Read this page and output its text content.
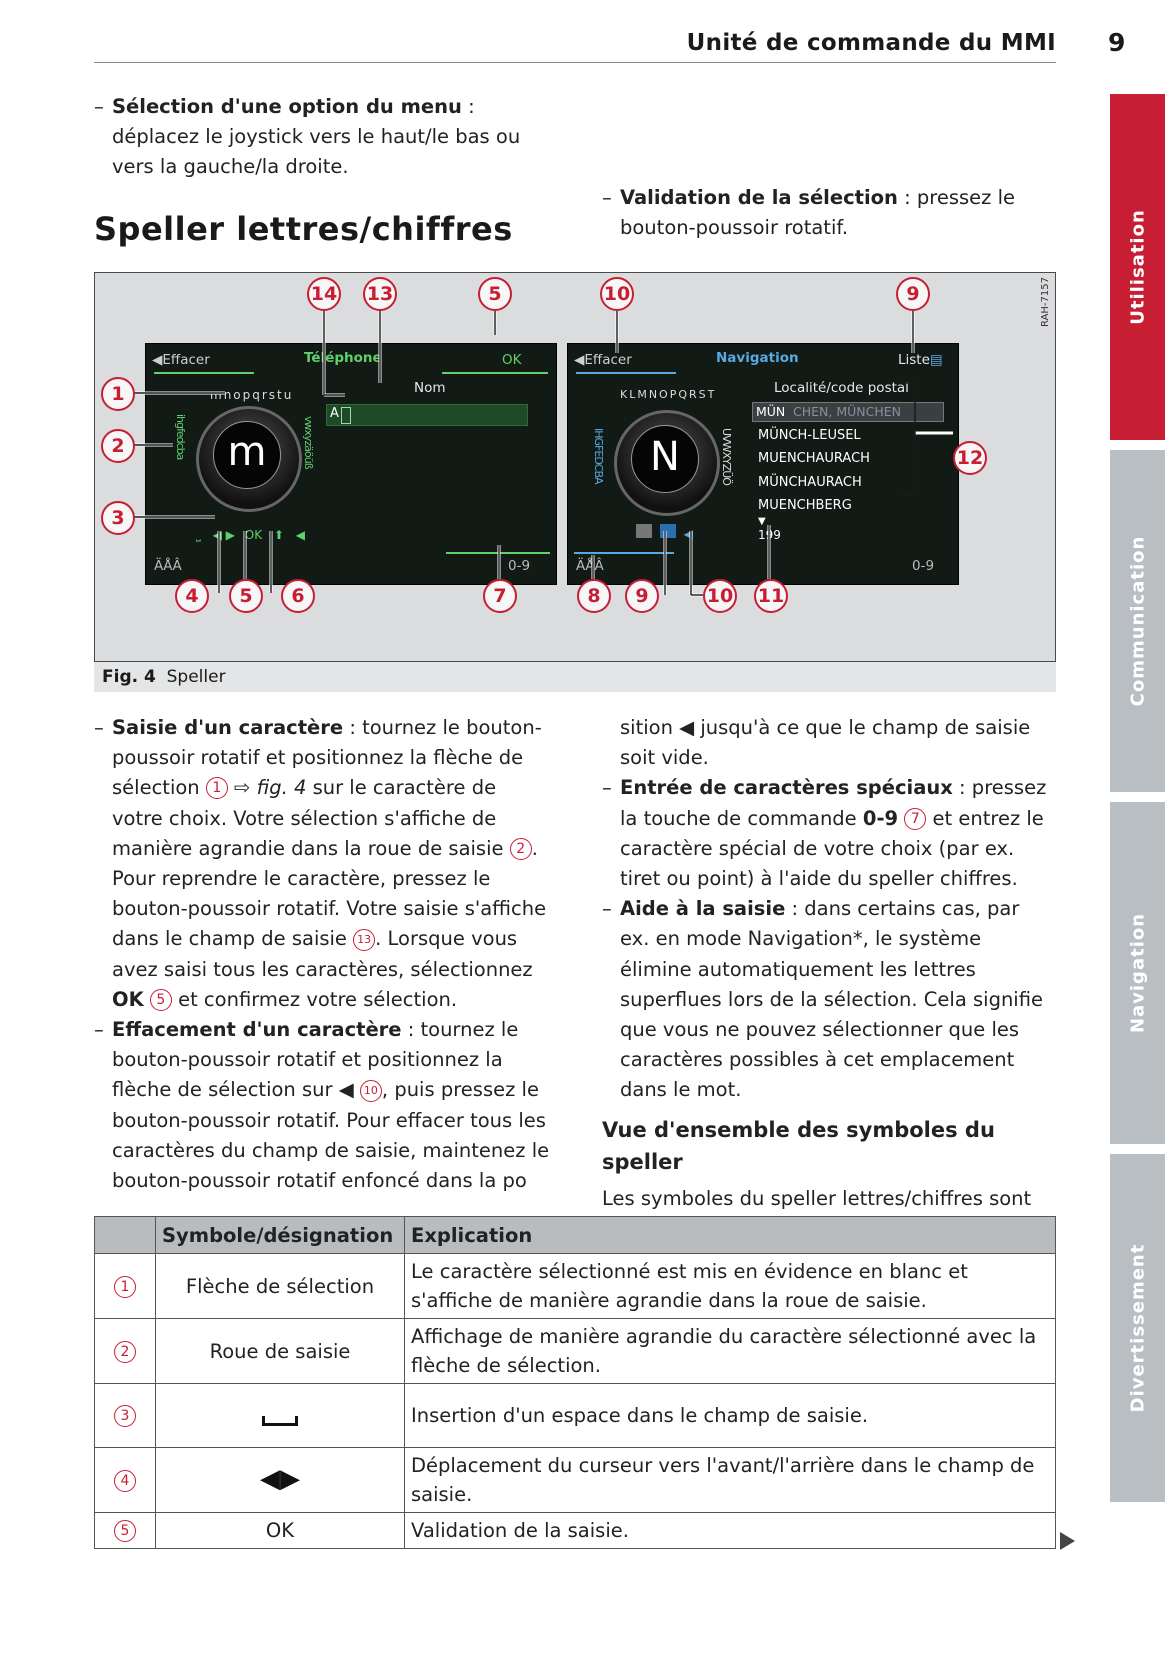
Unité de commande du MMI 9
Utilisation
Communication
Navigation
Divertissement
– Sélection d'une option du menu : déplacez le joystick vers le haut/le bas ou vers la gauche/la droite.
– Validation de la sélection : pressez le bouton-poussoir rotatif.
Speller lettres/chiffres
RAH-7157
◀Effacer	Téléphone	OK
Nom
A
m
mnopqrstu
ihgfedcba	vwxyzäöüß
⎵ ◀ ▶ OK ⬆ ◀
ÄÅÂ	0-9
◀Effacer	Navigation	Liste▤
Localité/code postal
MÜN CHEN, MÜNCHEN
MÜNCH-LEUSEL
MUENCHAURACH
MÜNCHAURACH
MUENCHBERG
▼
199
N
KLMNOPQRST
IHGFEDCBA	UVWXYZÜÖ
◀
ÄÅÂ	0-9
14 13	5	10	9
1
2
3
12
4	5	6	7	8	9	10 11
Fig. 4 Speller
– Saisie d'un caractère : tournez le bouton-poussoir rotatif et positionnez la flèche de sélection 1 ⇨ fig. 4 sur le caractère de votre choix. Votre sélection s'affiche de manière agrandie dans la roue de saisie 2 . Pour reprendre le caractère, pressez le bouton-poussoir rotatif. Votre saisie s'affiche dans le champ de saisie 13 . Lorsque vous avez saisi tous les caractères, sélectionnez OK 5 et confirmez votre sélection.
– Effacement d'un caractère : tournez le bouton-poussoir rotatif et positionnez la flèche de sélection sur ◀ 10 , puis pressez le bouton-poussoir rotatif. Pour effacer tous les caractères du champ de saisie, maintenez le bouton-poussoir rotatif enfoncé dans la po
sition ◀ jusqu'à ce que le champ de saisie soit vide.
– Entrée de caractères spéciaux : pressez la touche de commande 0-9 7 et entrez le caractère spécial de votre choix (par ex. tiret ou point) à l'aide du speller chiffres.
– Aide à la saisie : dans certains cas, par ex. en mode Navigation*, le système élimine automatiquement les lettres superflues lors de la sélection. Cela signifie que vous ne pouvez sélectionner que les caractères possibles à cet emplacement dans le mot.
Vue d'ensemble des symboles du speller
Les symboles du speller lettres/chiffres sont
	Symbole/désignation	Explication
1	Flèche de sélection	Le caractère sélectionné est mis en évidence en blanc et s'affiche de manière agrandie dans la roue de saisie.
2	Roue de saisie	Affichage de manière agrandie du caractère sélectionné avec la flèche de sélection.
3		Insertion d'un espace dans le champ de saisie.
4	◀▶	Déplacement du curseur vers l'avant/l'arrière dans le champ de saisie.
5	OK	Validation de la saisie.
